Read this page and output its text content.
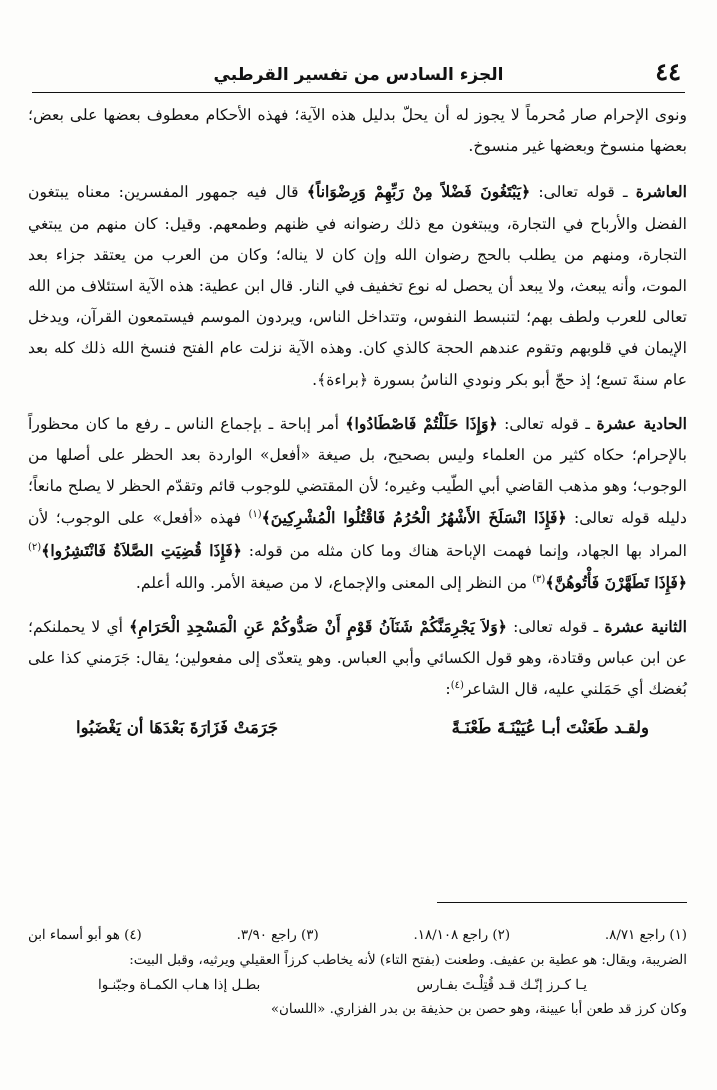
٤٤
الجزء السادس من تفسير القرطبي

ونوى الإحرام صار مُحرماً لا يجوز له أن يحلّ بدليل هذه الآية؛ فهذه الأحكام معطوف بعضها على بعض؛ بعضها منسوخ وبعضها غير منسوخ.

العاشرة ـ قوله تعالى: ﴿يَبْتَغُونَ فَضْلاً مِنْ رَبِّهِمْ وَرِضْوَاناً﴾ قال فيه جمهور المفسرين: معناه يبتغون الفضل والأرباح في التجارة، ويبتغون مع ذلك رضوانه في ظنهم وطمعهم. وقيل: كان منهم من يبتغي التجارة، ومنهم من يطلب بالحج رضوان الله وإن كان لا يناله؛ وكان من العرب من يعتقد جزاء بعد الموت، وأنه يبعث، ولا يبعد أن يحصل له نوع تخفيف في النار. قال ابن عطية: هذه الآية استئلاف من الله تعالى للعرب ولطف بهم؛ لتنبسط النفوس، وتتداخل الناس، ويردون الموسم فيستمعون القرآن، ويدخل الإيمان في قلوبهم وتقوم عندهم الحجة كالذي كان. وهذه الآية نزلت عام الفتح فنسخ الله ذلك كله بعد عام سنةَ تسع؛ إذ حجّ أبو بكر ونودي الناسُ بسورة ﴿براءة﴾.

الحادية عشرة ـ قوله تعالى: ﴿وَإِذَا حَلَلْتُمْ فَاصْطَادُوا﴾ أمر إباحة ـ بإجماع الناس ـ رفع ما كان محظوراً بالإحرام؛ حكاه كثير من العلماء وليس بصحيح، بل صيغة «أفعل» الواردة بعد الحظر على أصلها من الوجوب؛ وهو مذهب القاضي أبي الطّيب وغيره؛ لأن المقتضي للوجوب قائم وتقدّم الحظر لا يصلح مانعاً؛ دليله قوله تعالى: ﴿فَإِذَا انْسَلَخَ الأَشْهُرُ الْحُرُمُ فَاقْتُلُوا الْمُشْرِكِينَ﴾$^{(١)}$ فهذه «أفعل» على الوجوب؛ لأن المراد بها الجهاد، وإنما فهمت الإباحة هناك وما كان مثله من قوله: ﴿فَإِذَا قُضِيَتِ الصَّلاَةُ فَانْتَشِرُوا﴾$^{(٢)}$ ﴿فَإِذَا تَطَهَّرْنَ فَأْتُوهُنَّ﴾$^{(٣)}$ من النظر إلى المعنى والإجماع، لا من صيغة الأمر. والله أعلم.

الثانية عشرة ـ قوله تعالى: ﴿وَلاَ يَجْرِمَنَّكُمْ شَنَآنُ قَوْمٍ أَنْ صَدُّوكُمْ عَنِ الْمَسْجِدِ الْحَرَامِ﴾ أي لا يحملنكم؛ عن ابن عباس وقتادة، وهو قول الكسائي وأبي العباس. وهو يتعدّى إلى مفعولين؛ يقال: جَرَمني كذا على بُغضك أي حَمَلني عليه، قال الشاعر$^{(٤)}$:

ولقـد طَعَنْتَ أبـا عُيَيْنَـةَ طَعْنَـةً
جَرَمَتْ فَزَارَةَ بَعْدَهَا أن يَغْضَبُوا
(١) راجع ٨/٧١.
(٢) راجع ١٨/١٠٨.
(٣) راجع ٣/٩٠.
(٤) هو أبو أسماء ابن
الضريبة، ويقال: هو عطية بن عفيف. وطعنت (بفتح التاء) لأنه يخاطب كرزاً العقيلي ويرثيه، وقبل البيت:
يـا كـرز إنّـك قـد قُتِلْـتَ بفـارس
بطـل إذا هـاب الكمـاة وجبّنـوا
وكان كرز قد طعن أبا عيينة، وهو حصن بن حذيفة بن بدر الفزاري. «اللسان»
